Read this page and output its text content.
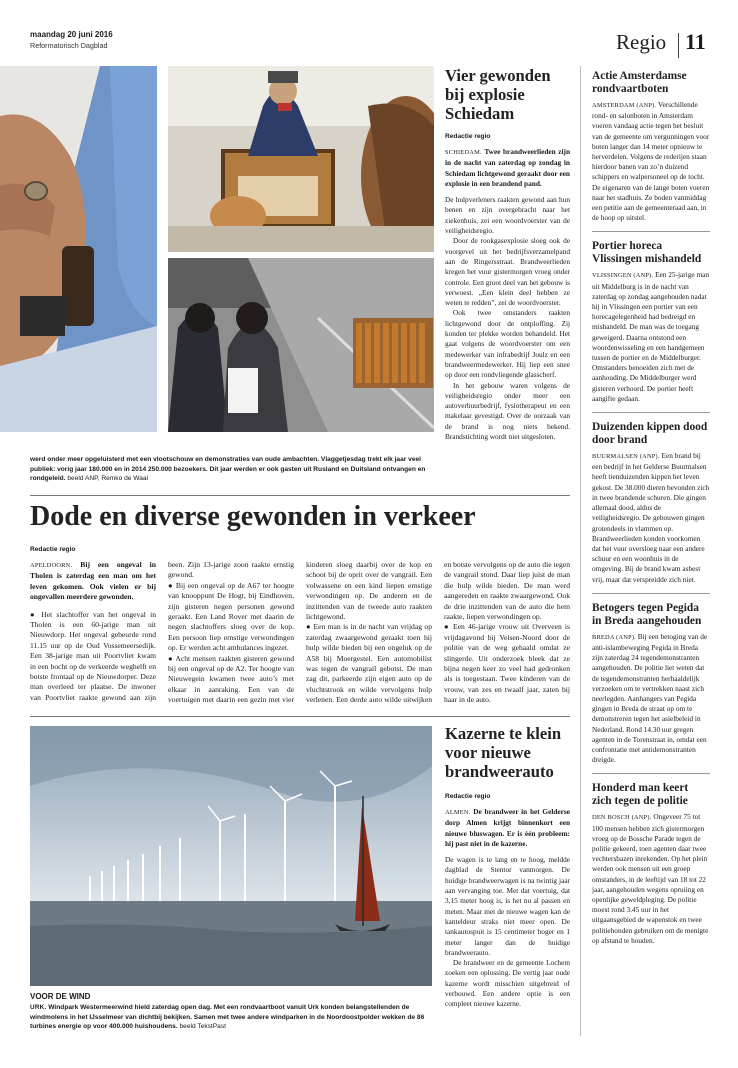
maandag 20 juni 2016
Reformatorisch Dagblad	Regio 11
werd onder meer opgeluisterd met een vlootschouw en demonstraties van oude ambachten. Vlaggetjesdag trekt elk jaar veel publiek: vorig jaar 180.000 en in 2014 250.000 bezoekers. Dit jaar werden er ook gasten uit Rusland en Duitsland ontvangen en rondgeleid. beeld ANP, Remko de Waal
Vier gewonden bij explosie Schiedam
Redactie regio

SCHIEDAM. Twee brandweerlieden zijn in de nacht van zaterdag op zondag in Schiedam lichtgewond geraakt door een explosie in een brandend pand.

De hulpverleners raakten gewond aan hun benen en zijn overgebracht naar het ziekenhuis, zei een woordvoerster van de veiligheidsregio.

Door de rookgasexplosie sloeg ook de voorgevel uit het bedrijfsverzamelpand aan de Ringersstraat. Brandweerlieden kregen het vuur gistermorgen vroeg onder controle. Een groot deel van het gebouw is verwoest. „Een klein deel hebben ze weten te redden”, zei de woordvoerster.

Ook twee omstanders raakten lichtgewond door de ontploffing. Zij konden ter plekke worden behandeld. Het gaat volgens de woordvoerster om een medewerker van infrabedrijf Joulz en een brandweermedewerker. Hij liep een snee op door een rondvliegende glasscherf.

In het gebouw waren volgens de veiligheidsregio onder meer een autoverhuurbedrijf, fysiotherapeut en een makelaar gevestigd. Over de oorzaak van de brand is nog niets bekend. Brandstichting wordt niet uitgesloten.

Dode en diverse gewonden in verkeer
Redactie regio

APELDOORN. Bij een ongeval in Tholen is zaterdag een man om het leven gekomen. Ook vielen er bij ongevallen meerdere gewonden.

● Het slachtoffer van het ongeval in Tholen is een 60-jarige man uit Nieuwdorp. Het ongeval gebeurde rond 11.15 uur op de Oud Vossemeersedijk. Een 38-jarige man uit Poortvliet kwam in een bocht op de verkeerde weghelft en botste frontaal op de Nieuwdorper. Deze man overleed ter plaatse. De inwoner van Poortvliet raakte gewond aan zijn been. Zijn 13-jarige zoon raakte ernstig gewond.

● Bij een ongeval op de A67 ter hoogte van knooppunt De Hogt, bij Eindhoven, zijn gisteren negen personen gewond geraakt. Een Land Rover met daarin de negen slachtoffers sloeg over de kop. Een persoon liep ernstige verwondingen op. Er werden acht ambulances ingezet.

● Acht mensen raakten gisteren gewond bij een ongeval op de A2. Ter hoogte van Nieuwegein kwamen twee auto’s met elkaar in aanraking. Een van de voertuigen met daarin een gezin met vier kinderen sloeg daarbij over de kop en schoot bij de oprit over de vangrail. Een volwassene en een kind liepen ernstige verwondingen op. De anderen en de inzittenden van de tweede auto raakten lichtgewond.

● Een man is in de nacht van vrijdag op zaterdag zwaargewond geraakt toen hij hulp wilde bieden bij een ongeluk op de A58 bij Moergestel. Een automobilist was tegen de vangrail gebotst. De man zag dit, parkeerde zijn eigen auto op de vluchtstrook en wilde vervolgens hulp verlenen. Een derde auto wilde uitwijken en botste vervolgens op de auto die tegen de vangrail stond. Daar liep juist de man die hulp wilde bieden. De man werd aangereden en raakte zwaargewond. Ook de drie inzittenden van de auto die hem raakte, liepen verwondingen op.

● Een 46-jarige vrouw uit Overveen is vrijdagavond bij Velsen-Noord door de politie van de weg gehaald omdat ze slingerde. Uit onderzoek bleek dat ze bijna negen keer zo veel had gedronken als is toegestaan. Twee kinderen van de vrouw, van zes en twaalf jaar, zaten bij haar in de auto.

VOOR DE WIND
URK. Windpark Westermeerwind hield zaterdag open dag. Met een rondvaartboot vanuit Urk konden belangstellenden de windmolens in het IJsselmeer van dichtbij bekijken. Samen met twee andere windparken in de Noordoostpolder wekken de 86 turbines energie op voor 400.000 huishoudens. beeld TekstPast
Kazerne te klein voor nieuwe brandweerauto
Redactie regio

ALMEN. De brandweer in het Gelderse dorp Almen krijgt binnenkort een nieuwe bluswagen. Er is één probleem: hij past niet in de kazerne.

De wagen is te lang en te hoog, meldde dagblad de Stentor vanmorgen. De huidige brandweerwagen is na twintig jaar aan vervanging toe. Met dat voertuig, dat 3,15 meter hoog is, is het nu al passen en meten. Maar met de nieuwe wagen kan de kanteldeur straks niet meer open. De tankautospuit is 15 centimeter hoger en 1 meter langer dan de huidige brandweerauto.

De brandweer en de gemeente Lochem zoeken een oplossing. De vertig jaar oude kazerne wordt misschien uitgebreid of verbouwd. Een andere optie is een compleet nieuwe kazerne.

Actie Amsterdamse rondvaartboten
AMSTERDAM (ANP). Verschillende rond- en salonboten in Amsterdam voeren vandaag actie tegen het besluit van de gemeente om vergunningen voor boten langer dan 14 meter opnieuw te herverdelen. Volgens de rederijen staan hierdoor banen van zo’n duizend schippers en walpersoneel op de tocht. De eigenaren van de lange boten voeren naar het stadhuis. Ze boden vanmiddag een petitie aan de gemeenteraad aan, in de hoop op uitstel.
Portier horeca Vlissingen mishandeld
VLISSINGEN (ANP). Een 25-jarige man uit Middelburg is in de nacht van zaterdag op zondag aangehouden nadat hij in Vlissingen een portier van een horecagelegenheid had bedreigd en mishandeld. De man was de toegang geweigerd. Daarna ontstond een woordenwisseling en een handgemeen tussen de portier en de Middelburger. Omstanders benoeiden zich met de aanhouding. De Middelburger werd gisteren verhoord. De portier heeft aangifte gedaan.
Duizenden kippen dood door brand
BUURMALSEN (ANP). Een brand bij een bedrijf in het Gelderse Buurmalsen heeft tienduizenden kippen het leven gekost. De 38.000 dieren bevonden zich in twee brandende schuren. Die gingen allemaal dood, aldus de veiligheidsregio. De gebouwen gingen grotendeels in vlammen op. Brandweerlieden konden voorkomen dat het vuur oversloeg naar een andere schuur en een woonhuis in de omgeving. Bij de brand kwam asbest vrij, maar dat verspreidde zich niet.
Betogers tegen Pegida in Breda aangehouden
BREDA (ANP). Bij een betoging van de anti-islambeweging Pegida in Breda zijn zaterdag 24 tegendemonstranten aangehouden. De politie liet weten dat de tegendemonstranten herhaaldelijk verzoeken om te vertrekken naast zich neerlegden. Aanhangers van Pegida gingen in Breda de straat op om te demonstreren tegen het asielbeleid in Nederland. Rond 14.30 uur gregen agenten in de Torenstraat in, omdat een confrontatie met antidemonstranten dreigde.
Honderd man keert zich tegen de politie
DEN BOSCH (ANP). Ongeveer 75 tot 100 mensen hebben zich gistermorgen vroeg op de Bossche Parade tegen de politie gekeerd, toen agenten daar twee vechtersbazen inrekenden. Op het plein werden ook mensen uit een groep omstanders, in de leeftijd van 18 tot 22 jaar, aangehouden wegens opruiing en openlijke geweldpleging. De politie moest rond 3.45 uur in het uitgaansgebied de wapenstok en twee politiehonden gebruiken om de menigte op afstand te houden.
